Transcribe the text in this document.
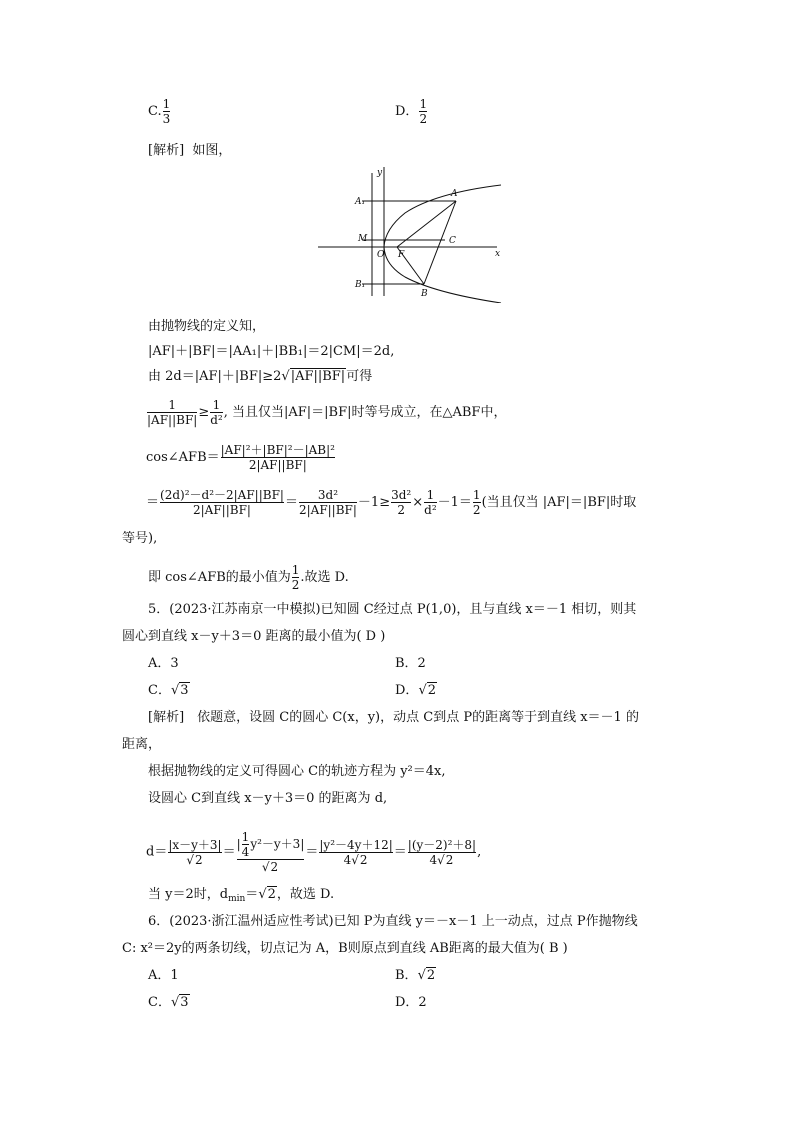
C. $\frac{1}{3}$	D． $\frac{1}{2}$
[解析] 如图，
y
A
A₁
M	C
O F	x
B₁
B
由抛物线的定义知，
|AF|＋|BF|＝|AA₁|＋|BB₁|＝2|CM|＝2d,
由 2d＝|AF|＋|BF|≥2√|AF||BF|可得
$\frac{1}{|AF||BF|} \ge \frac{1}{\text{d²}}$ , 当且仅当|AF|＝|BF|时等号成立，在△ABF中，
cos∠AFB＝ $\frac{\text{|AF|²＋|BF|²－|AB|²}}{2|AF||BF|}$
＝ $\frac{\text{(2d)²－d²－2|AF||BF|}}{2|AF||BF|} = \frac{\text{3d²}}{2|AF||BF|} -1\ge \frac{\text{3d²}}{2} \times \frac{1}{\text{d²}} -1= \frac{1}{2}$ (当且仅当 |AF|＝|BF|时取
等号),
即 cos∠AFB的最小值为 $\frac{1}{2}$ .故选 D.
5．(2023·江苏南京一中模拟)已知圆 C经过点 P(1,0)，且与直线 x＝－1 相切，则其
圆心到直线 x－y＋3＝0 距离的最小值为( D )
A．3	B．2
C．√3	D．√2
[解析]　依题意，设圆 C的圆心 C(x，y)，动点 C到点 P的距离等于到直线 x＝－1 的
距离，
根据抛物线的定义可得圆心 C的轨迹方程为 y²＝4x,
设圆心 C到直线 x－y＋3＝0 的距离为 d,
$d= \frac{|x-y+3|}{√2} = \frac{| \frac{1}{4} y^2-y+3|}{√2} = \frac{\text{|y²－4y＋12|}}{4√2} = \frac{\text{|(y－2)²＋8|}}{4√2}$ ,
当 y＝2时，$d_{min}=√2$，故选 D.
6．(2023·浙江温州适应性考试)已知 P为直线 y＝－x－1 上一动点，过点 P作抛物线
C: x²＝2y的两条切线，切点记为 A，B则原点到直线 AB距离的最大值为( B )
A．1	B．√2
C．√3	D．2
